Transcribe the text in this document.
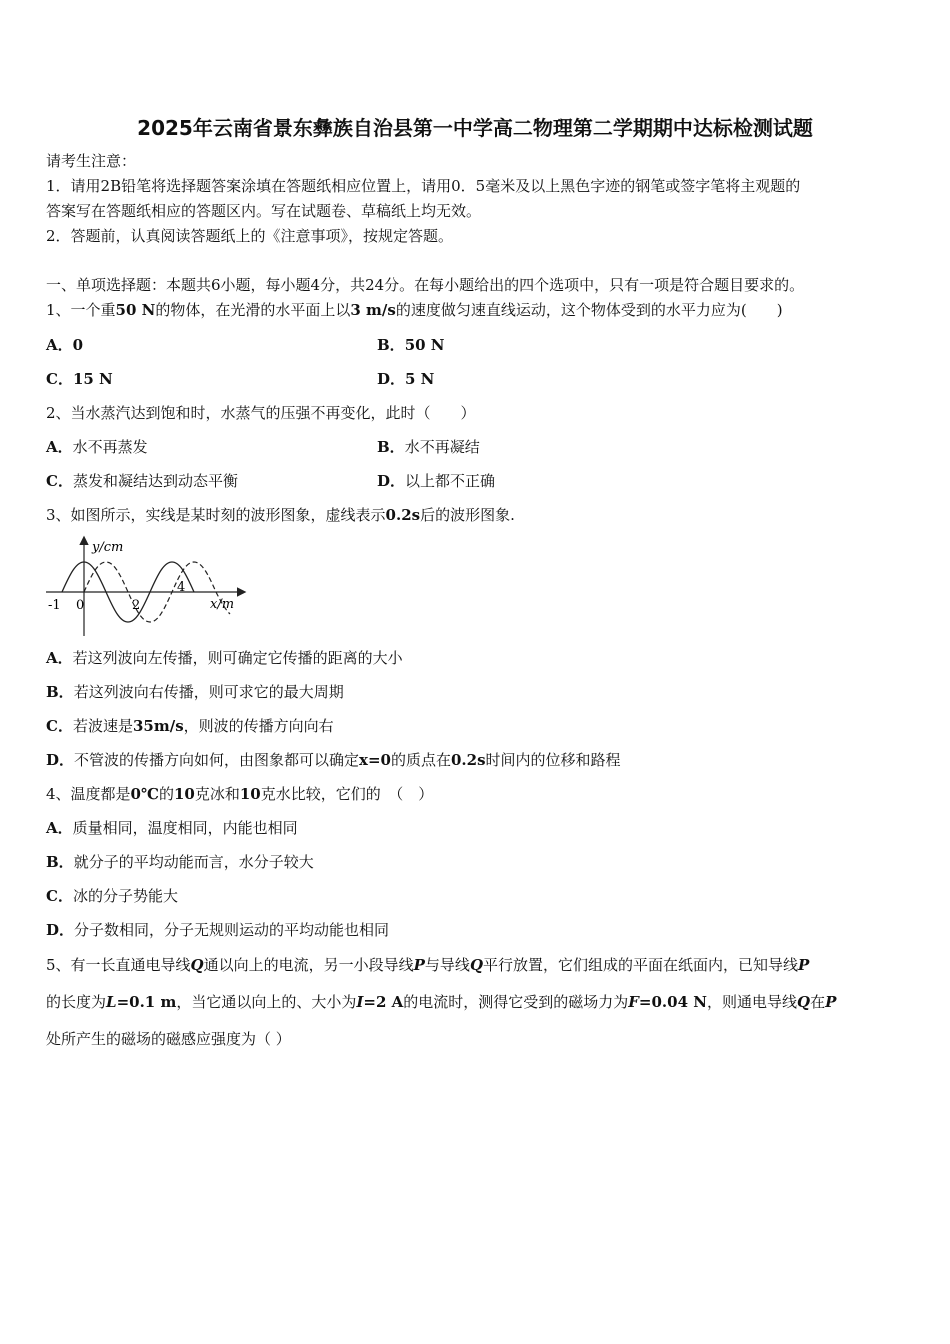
2025年云南省景东彝族自治县第一中学高二物理第二学期期中达标检测试题
请考生注意：
1．请用2B铅笔将选择题答案涂填在答题纸相应位置上，请用0．5毫米及以上黑色字迹的钢笔或签字笔将主观题的
答案写在答题纸相应的答题区内。写在试题卷、草稿纸上均无效。
2．答题前，认真阅读答题纸上的《注意事项》，按规定答题。
一、单项选择题：本题共6小题，每小题4分，共24分。在每小题给出的四个选项中，只有一项是符合题目要求的。
1、一个重50 N的物体，在光滑的水平面上以3 m/s的速度做匀速直线运动，这个物体受到的水平力应为(　　)
A．0	B．50 N
C．15 N	D．5 N
2、当水蒸汽达到饱和时，水蒸气的压强不再变化，此时（　　）
A．水不再蒸发	B．水不再凝结
C．蒸发和凝结达到动态平衡	D．以上都不正确
3、如图所示，实线是某时刻的波形图象，虚线表示0.2s后的波形图象.
y/cm
x/m
-1 0	2
4
A．若这列波向左传播，则可确定它传播的距离的大小
B．若这列波向右传播，则可求它的最大周期
C．若波速是35m/s，则波的传播方向向右
D．不管波的传播方向如何，由图象都可以确定x=0的质点在0.2s时间内的位移和路程
4、温度都是0℃的10克冰和10克水比较，它们的　（　）
A．质量相同，温度相同，内能也相同
B．就分子的平均动能而言，水分子较大
C．冰的分子势能大
D．分子数相同，分子无规则运动的平均动能也相同
5、有一长直通电导线Q通以向上的电流，另一小段导线P与导线Q平行放置，它们组成的平面在纸面内，已知导线P
的长度为L=0.1 m，当它通以向上的、大小为I=2 A的电流时，测得它受到的磁场力为F=0.04 N，则通电导线Q在P
处所产生的磁场的磁感应强度为（ ）
